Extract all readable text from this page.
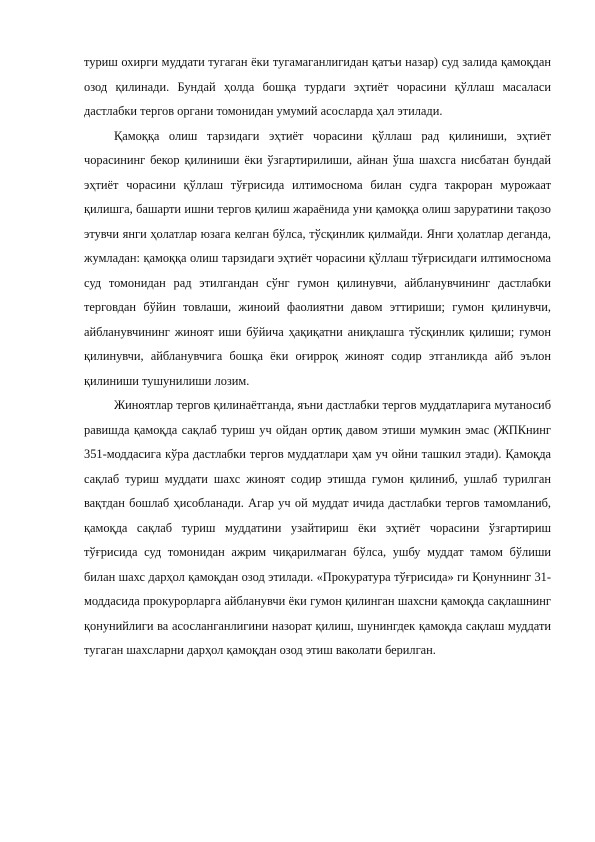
туриш охирги муддати тугаган ёки тугамаганлигидан қатъи назар) суд залида қамоқдан озод қилинади. Бундай ҳолда бошқа турдаги эҳтиёт чорасини қўллаш масаласи дастлабки тергов органи томонидан умумий асосларда ҳал этилади.

Қамоққа олиш тарзидаги эҳтиёт чорасини қўллаш рад қилиниши, эҳтиёт чорасининг бекор қилиниши ёки ўзгартирилиши, айнан ўша шахсга нисбатан бундай эҳтиёт чорасини қўллаш тўғрисида илтимосномa билан судга такроран мурожаат қилишга, башарти ишни тергов қилиш жараёнида уни қамоққа олиш заруратини тақозо этувчи янги ҳолатлар юзага келган бўлса, тўсқинлик қилмайди. Янги ҳолатлар деганда, жумладан: қамоққа олиш тарзидаги эҳтиёт чорасини қўллаш тўғрисидаги илтимоснома суд томонидан рад этилгандан сўнг гумон қилинувчи, айбланувчининг дастлабки терговдан бўйин товлаши, жиноий фаолиятни давом эттириши; гумон қилинувчи, айбланувчининг жиноят иши бўйича ҳақиқатни аниқлашга тўсқинлик қилиши; гумон қилинувчи, айбланувчига бошқа ёки оғирроқ жиноят содир этганликда айб эълон қилиниши тушунилиши лозим.

Жиноятлар тергов қилинаётганда, яъни дастлабки тергов муддатларига мутаносиб равишда қамоқда сақлаб туриш уч ойдан ортиқ давом этиши мумкин эмас (ЖПКнинг 351-моддасига кўра дастлабки тергов муддатлари ҳам уч ойни ташкил этади). Қамоқда сақлаб туриш муддати шахс жиноят содир этишда гумон қилиниб, ушлаб турилган вақтдан бошлаб ҳисобланади. Агар уч ой муддат ичида дастлабки тергов тамомланиб, қамоқда сақлаб туриш муддатини узайтириш ёки эҳтиёт чорасини ўзгартириш тўғрисида суд томонидан ажрим чиқарилмаган бўлса, ушбу муддат тамом бўлиши билан шахс дарҳол қамоқдан озод этилади. «Прокуратура тўғрисида» ги Қонуннинг 31-моддасида прокурорларга айбланувчи ёки гумон қилинган шахсни қамоқда сақлашнинг қонунийлиги ва асосланганлигини назорат қилиш, шунингдек қамоқда сақлаш муддати тугаган шахсларни дарҳол қамоқдан озод этиш ваколати берилган.
